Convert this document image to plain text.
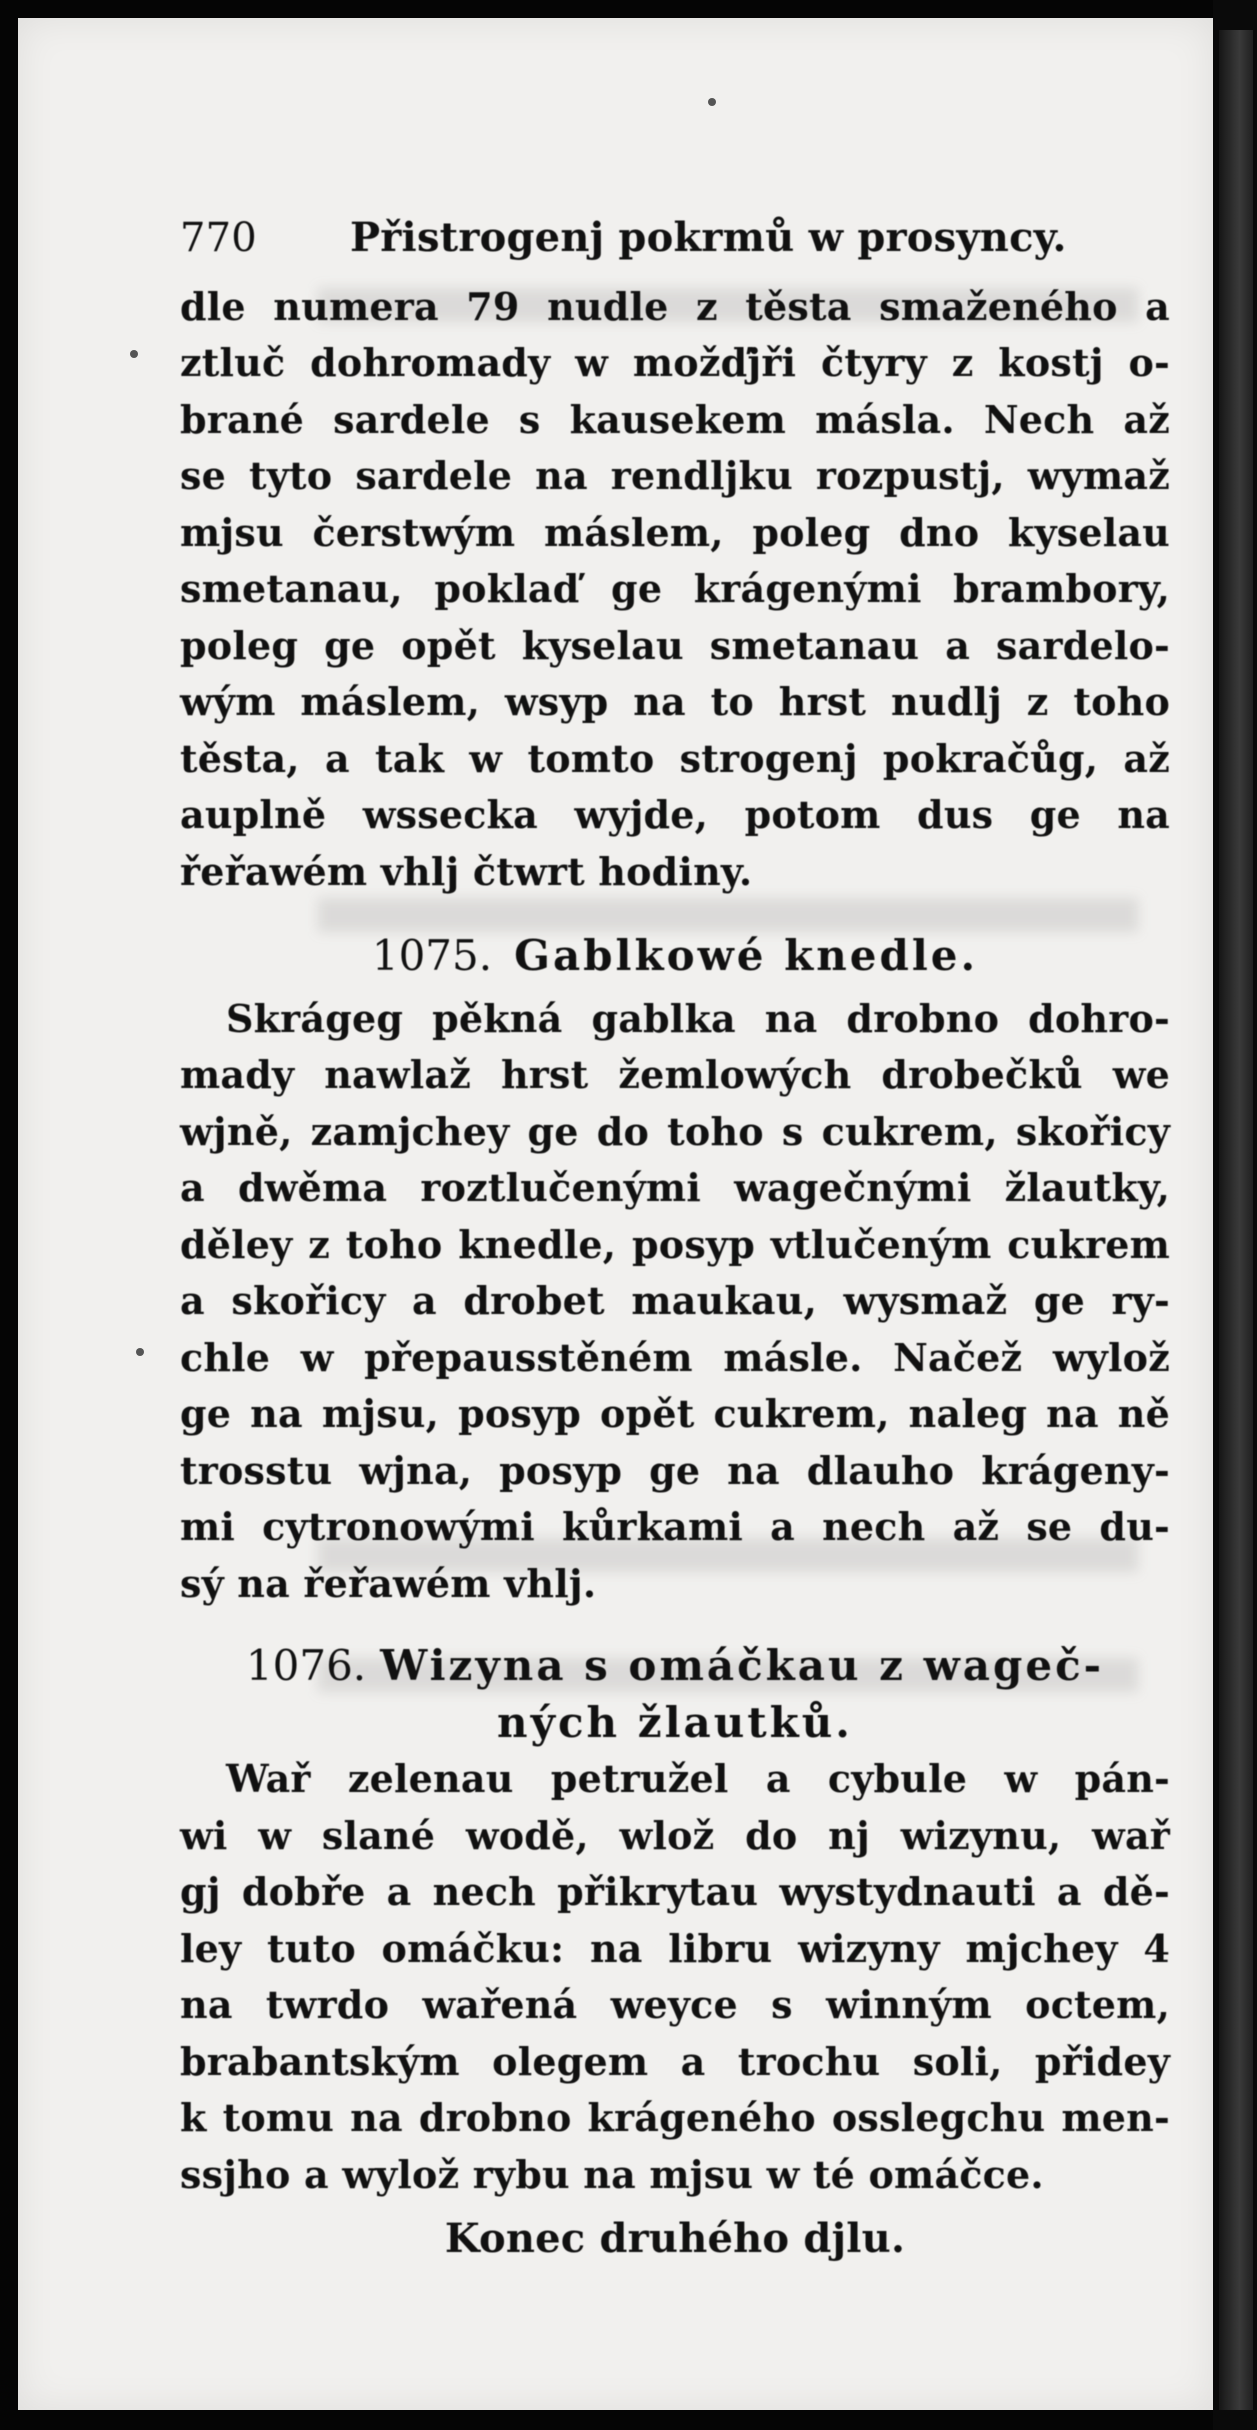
770	Přistrogenj pokrmů w prosyncy.
dle numera 79 nudle z těsta smaženého a
ztluč dohromady w možďjři čtyry z kostj o-
brané sardele s kausekem másla. Nech až
se tyto sardele na rendljku rozpustj, wymaž
mjsu čerstwým máslem, poleg dno kyselau
smetanau, poklaď ge krágenými brambory,
poleg ge opět kyselau smetanau a sardelo-
wým máslem, wsyp na to hrst nudlj z toho
těsta, a tak w tomto strogenj pokračůg, až
auplně wssecka wyjde, potom dus ge na
řeřawém vhlj čtwrt hodiny.
1075. Gablkowé knedle.
Skrágeg pěkná gablka na drobno dohro-
mady nawlaž hrst žemlowých drobečků we
wjně, zamjchey ge do toho s cukrem, skořicy
a dwěma roztlučenými wagečnými žlautky,
děley z toho knedle, posyp vtlučeným cukrem
a skořicy a drobet maukau, wysmaž ge ry-
chle w přepausstěném másle. Načež wylož
ge na mjsu, posyp opět cukrem, naleg na ně
trosstu wjna, posyp ge na dlauho krágeny-
mi cytronowými kůrkami a nech až se du-
sý na řeřawém vhlj.
1076. Wizyna s omáčkau z wageč-
ných žlautků.
Wař zelenau petružel a cybule w pán-
wi w slané wodě, wlož do nj wizynu, wař
gj dobře a nech přikrytau wystydnauti a dě-
ley tuto omáčku: na libru wizyny mjchey 4
na twrdo wařená weyce s winným octem,
brabantským olegem a trochu soli, přidey
k tomu na drobno krágeného osslegchu men-
ssjho a wylož rybu na mjsu w té omáčce.
Konec druhého djlu.
